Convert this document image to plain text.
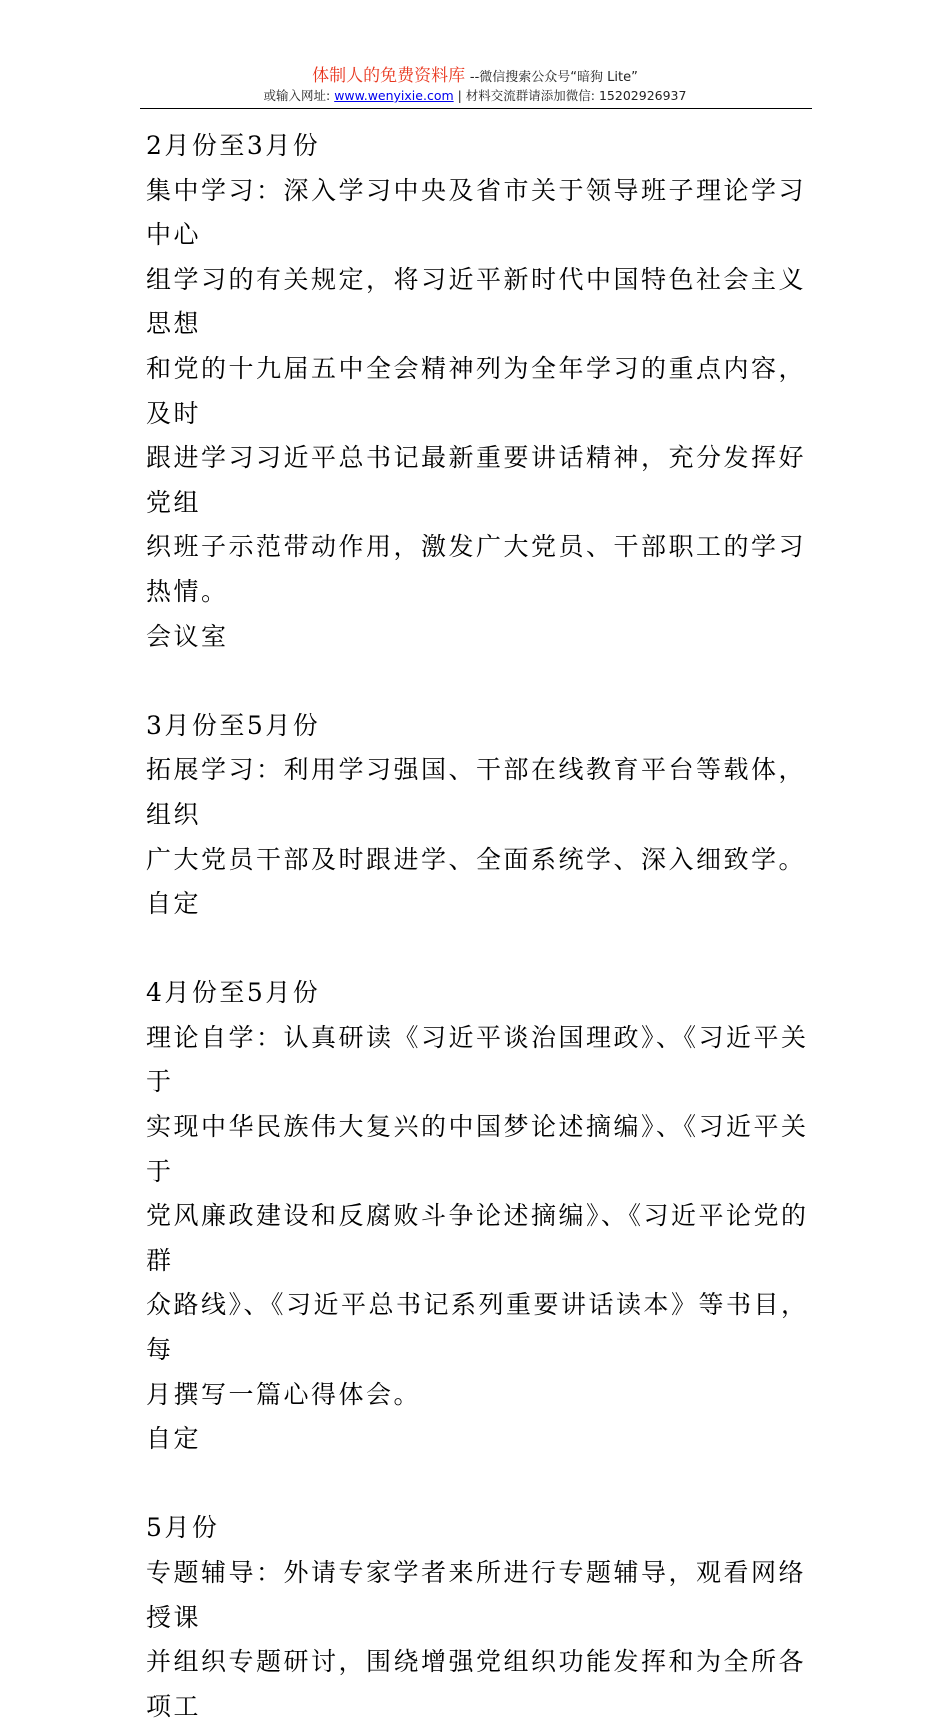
体制人的免费资料库 --微信搜索公众号“暗狗 Lite”
或输入网址: www.wenyixie.com | 材料交流群请添加微信: 15202926937

2月份至3月份

集中学习：深入学习中央及省市关于领导班子理论学习中心

组学习的有关规定，将习近平新时代中国特色社会主义思想

和党的十九届五中全会精神列为全年学习的重点内容，及时

跟进学习习近平总书记最新重要讲话精神，充分发挥好党组

织班子示范带动作用，激发广大党员、干部职工的学习热情。

会议室

3月份至5月份

拓展学习：利用学习强国、干部在线教育平台等载体，组织

广大党员干部及时跟进学、全面系统学、深入细致学。

自定

4月份至5月份

理论自学：认真研读《习近平谈治国理政》、《习近平关于

实现中华民族伟大复兴的中国梦论述摘编》、《习近平关于

党风廉政建设和反腐败斗争论述摘编》、《习近平论党的群

众路线》、《习近平总书记系列重要讲话读本》等书目，每

月撰写一篇心得体会。

自定

5月份

专题辅导：外请专家学者来所进行专题辅导，观看网络授课

并组织专题研讨，围绕增强党组织功能发挥和为全所各项工
